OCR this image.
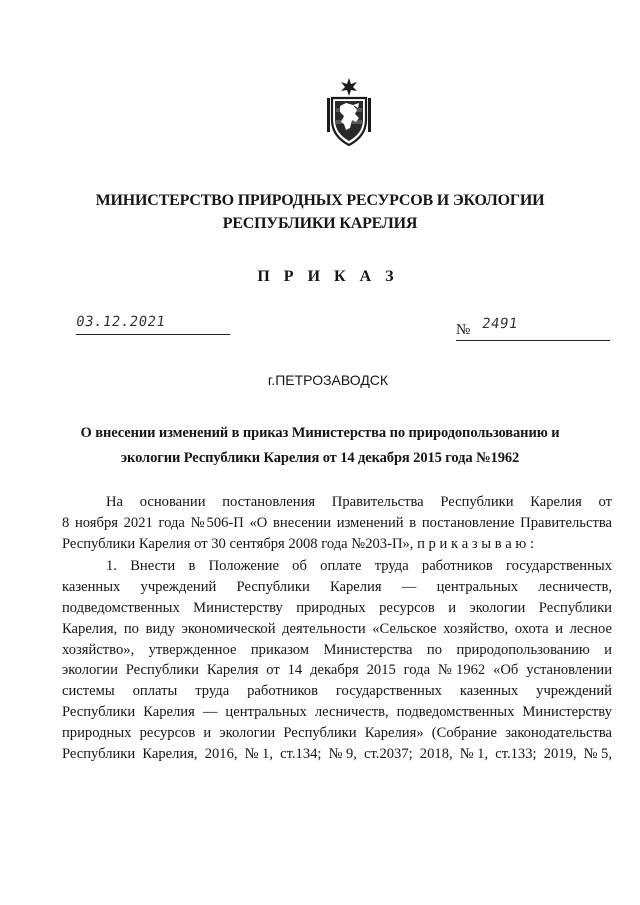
МИНИСТЕРСТВО ПРИРОДНЫХ РЕСУРСОВ И ЭКОЛОГИИ
РЕСПУБЛИКИ КАРЕЛИЯ
П Р И К А З
03.12.2021	№ 2491
г.ПЕТРОЗАВОДСК
О внесении изменений в приказ Министерства по природопользованию и
экологии Республики Карелия от 14 декабря 2015 года №1962
На основании постановления Правительства Республики Карелия от
8 ноября 2021 года №506-П «О внесении изменений в постановление Правительства
Республики Карелия от 30 сентября 2008 года №203-П», п р и к а з ы в а ю :
1. Внести в Положение об оплате труда работников государственных
казенных учреждений Республики Карелия — центральных лесничеств,
подведомственных Министерству природных ресурсов и экологии Республики
Карелия, по виду экономической деятельности «Сельское хозяйство, охота и лесное
хозяйство», утвержденное приказом Министерства по природопользованию и
экологии Республики Карелия от 14 декабря 2015 года №1962 «Об установлении
системы оплаты труда работников государственных казенных учреждений
Республики Карелия — центральных лесничеств, подведомственных Министерству
природных ресурсов и экологии Республики Карелия» (Собрание законодательства
Республики Карелия, 2016, №1, ст.134; №9, ст.2037; 2018, №1, ст.133; 2019, №5,
